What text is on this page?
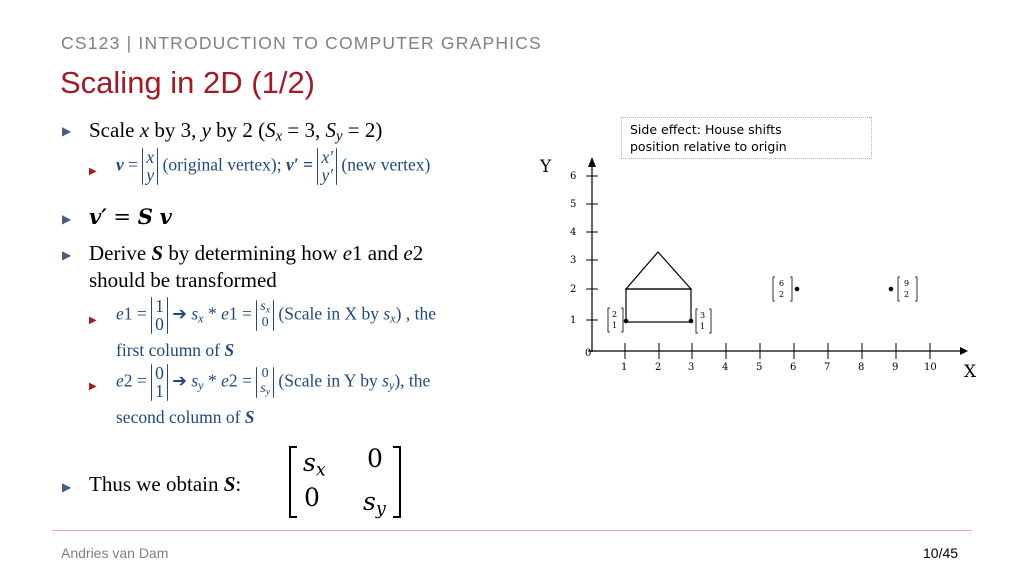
CS123 | INTRODUCTION TO COMPUTER GRAPHICS
Scaling in 2D (1/2)
▶ Scale x by 3, y by 2 ($S_x = 3$, $S_y = 2$)
▶ v = x
y
(original vertex); v′ = x′
y′
(new vertex)
▶ v′ = S v
▶ Derive S by determining how e1 and e2
should be transformed
▶ e1 = 1
0
➔ $s_x * e1 = s_x$
0 (Scale in X by $s_x$) , the
first column of S
▶ e2 = 0
1
➔ $s_y * e2 = 0$
$s_y$
(Scale in Y by $s_y$), the
second column of S
▶ Thus we obtain S:
$s_x$ 0
0 $s_y$
Side effect: House shifts
position relative to origin
Y
X
0
1
2
3
4
5
6
1	2	3	4	5	6	7	8	9	10
2
1
3
1
6
2
9
2
Andries van Dam	10/45
